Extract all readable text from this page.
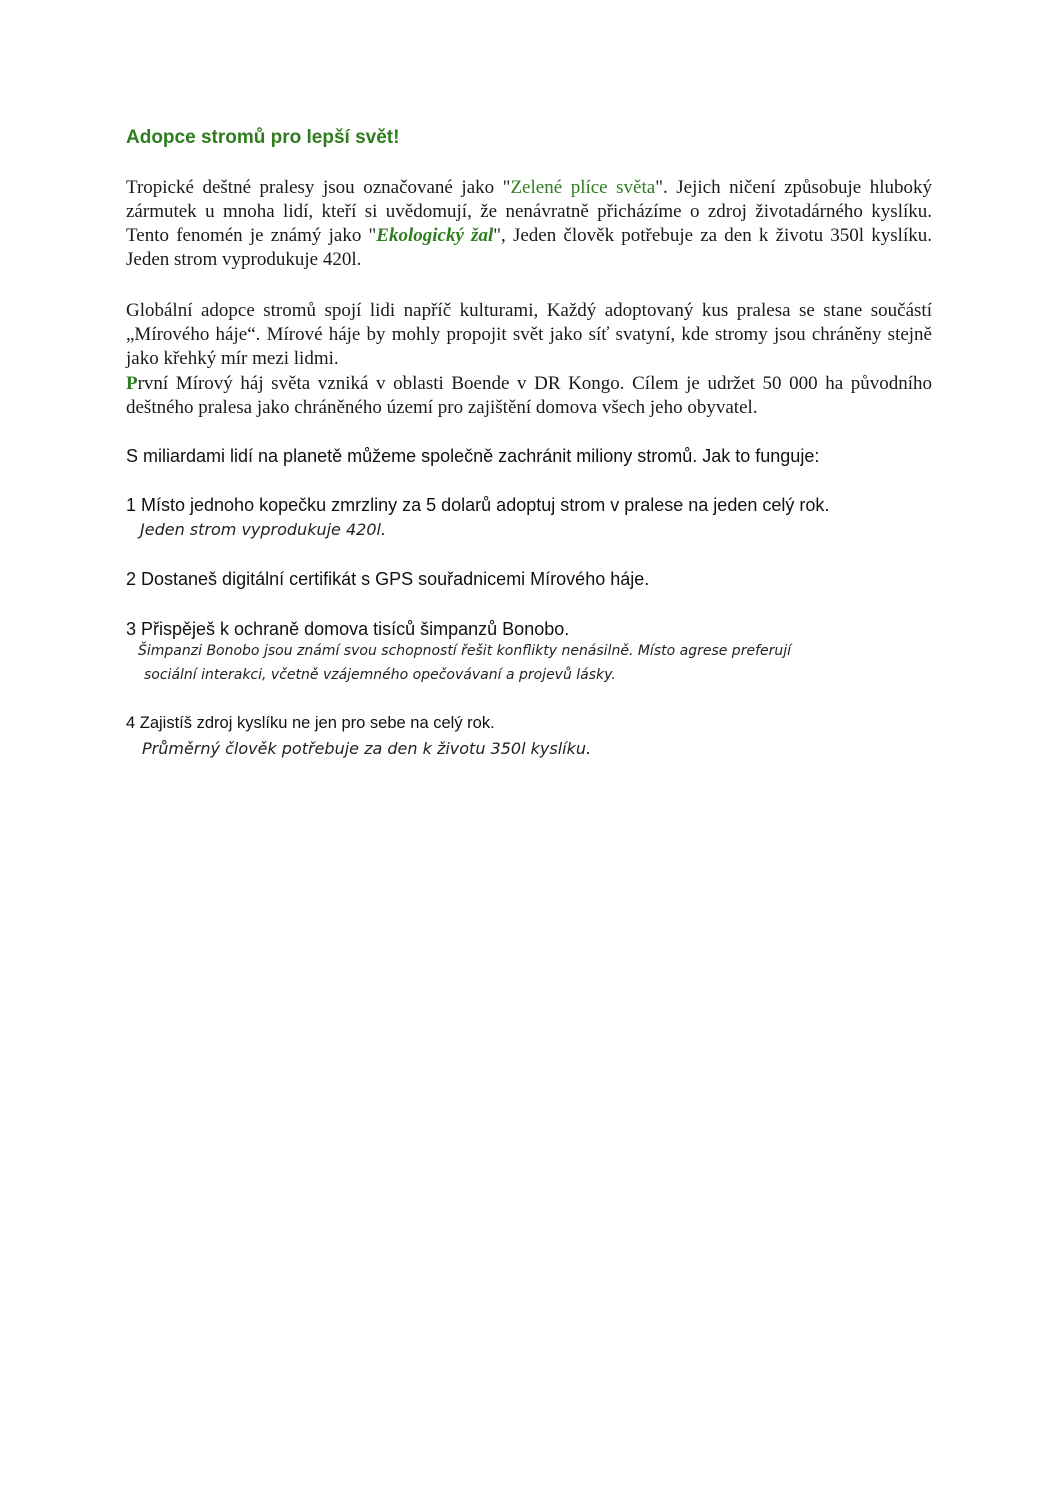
Adopce stromů pro lepší svět!

Tropické deštné pralesy jsou označované jako "Zelené plíce světa". Jejich ničení způsobuje hluboký zármutek u mnoha lidí, kteří si uvědomují, že nenávratně přicházíme o zdroj životadárného kyslíku. Tento fenomén je známý jako "Ekologický žal", Jeden člověk potřebuje za den k životu 350l kyslíku. Jeden strom vyprodukuje 420l.

Globální adopce stromů spojí lidi napříč kulturami, Každý adoptovaný kus pralesa se stane součástí „Mírového háje“. Mírové háje by mohly propojit svět jako síť svatyní, kde stromy jsou chráněny stejně jako křehký mír mezi lidmi.

První Mírový háj světa vzniká v oblasti Boende v DR Kongo. Cílem je udržet 50 000 ha původního deštného pralesa jako chráněného území pro zajištění domova všech jeho obyvatel.

S miliardami lidí na planetě můžeme společně zachránit miliony stromů. Jak to funguje:

1 Místo jednoho kopečku zmrzliny za 5 dolarů adoptuj strom v pralese na jeden celý rok.

Jeden strom vyprodukuje 420l.

2 Dostaneš digitální certifikát s GPS souřadnicemi Mírového háje.

3 Přispěješ k ochraně domova tisíců šimpanzů Bonobo.

Šimpanzi Bonobo jsou známí svou schopností řešit konflikty nenásilně. Místo agrese preferují

sociální interakci, včetně vzájemného opečovávaní a projevů lásky.

4 Zajistíš zdroj kyslíku ne jen pro sebe na celý rok.

Průměrný člověk potřebuje za den k životu 350l kyslíku.
